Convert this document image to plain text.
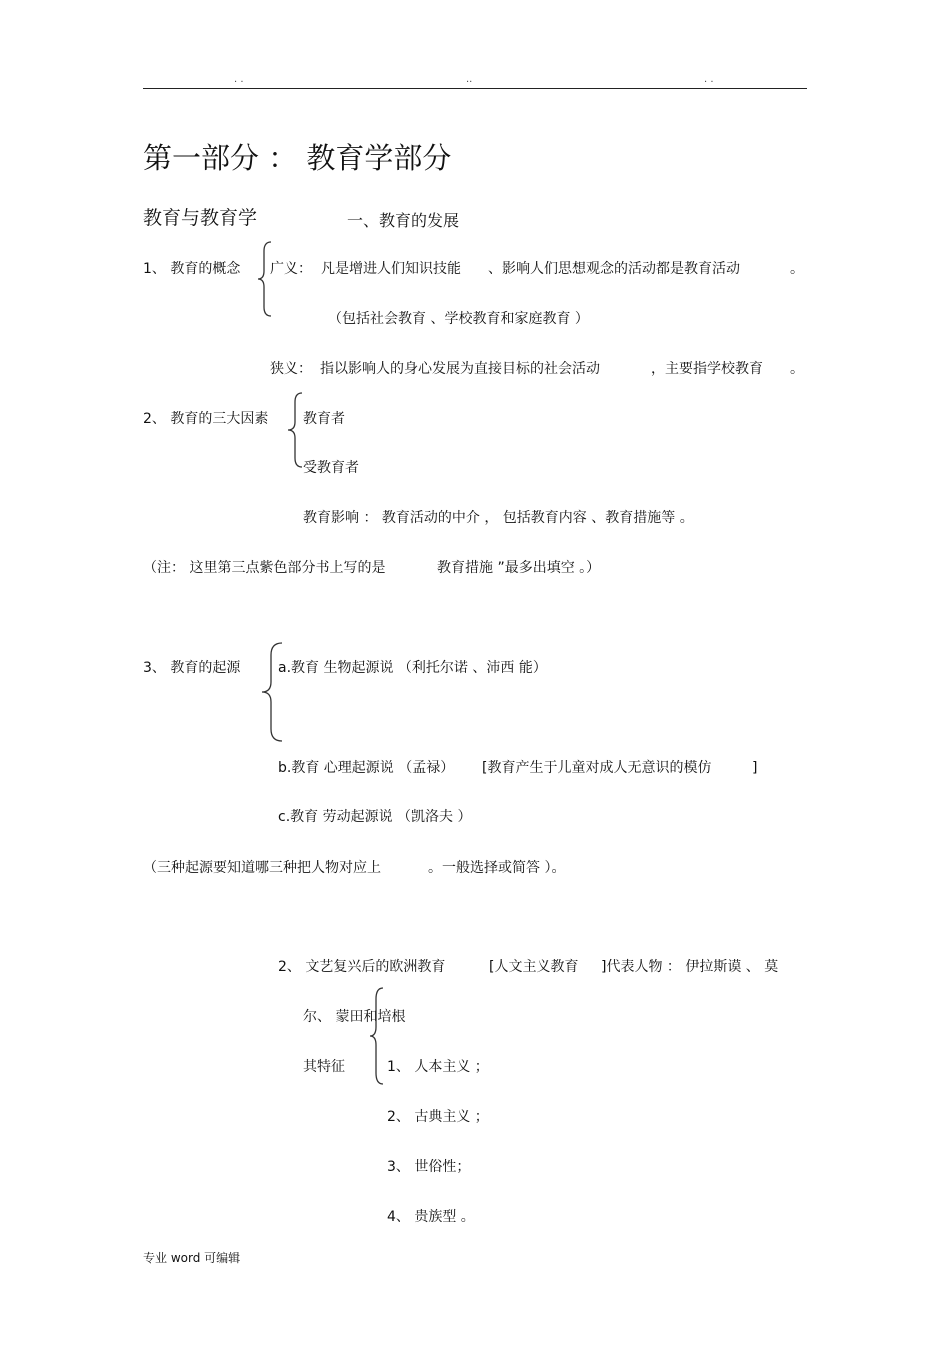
. .	..	. .
第一部分 ： 教育学部分
教育与教育学	一、教育的发展
1、 教育的概念 广义： 凡是增进人们知识技能 、影响人们思想观念的活动都是教育活动	。
（包括社会教育 、学校教育和家庭教育 ）
狭义： 指以影响人的身心发展为直接目标的社会活动	，主要指学校教育 。
2、 教育的三大因素 教育者
受教育者
教育影响 ： 教育活动的中介 ， 包括教育内容 、教育措施等 。
（注： 这里第三点紫色部分书上写的是	教育措施 ”最多出填空 。）
3、 教育的起源	a.教育 生物起源说 （利托尔诺 、沛西 能）
b.教育 心理起源说 （孟禄） [教育产生于儿童对成人无意识的模仿	]
c.教育 劳动起源说 （凯洛夫 ）
（三种起源要知道哪三种把人物对应上	。一般选择或简答 ）。
2、 文艺复兴后的欧洲教育	[人文主义教育 ]代表人物 ： 伊拉斯谟 、 莫
尔、 蒙田和培根
其特征	1、 人本主义 ；
2、 古典主义 ；
3、 世俗性；
4、 贵族型 。
专业 word 可编辑
